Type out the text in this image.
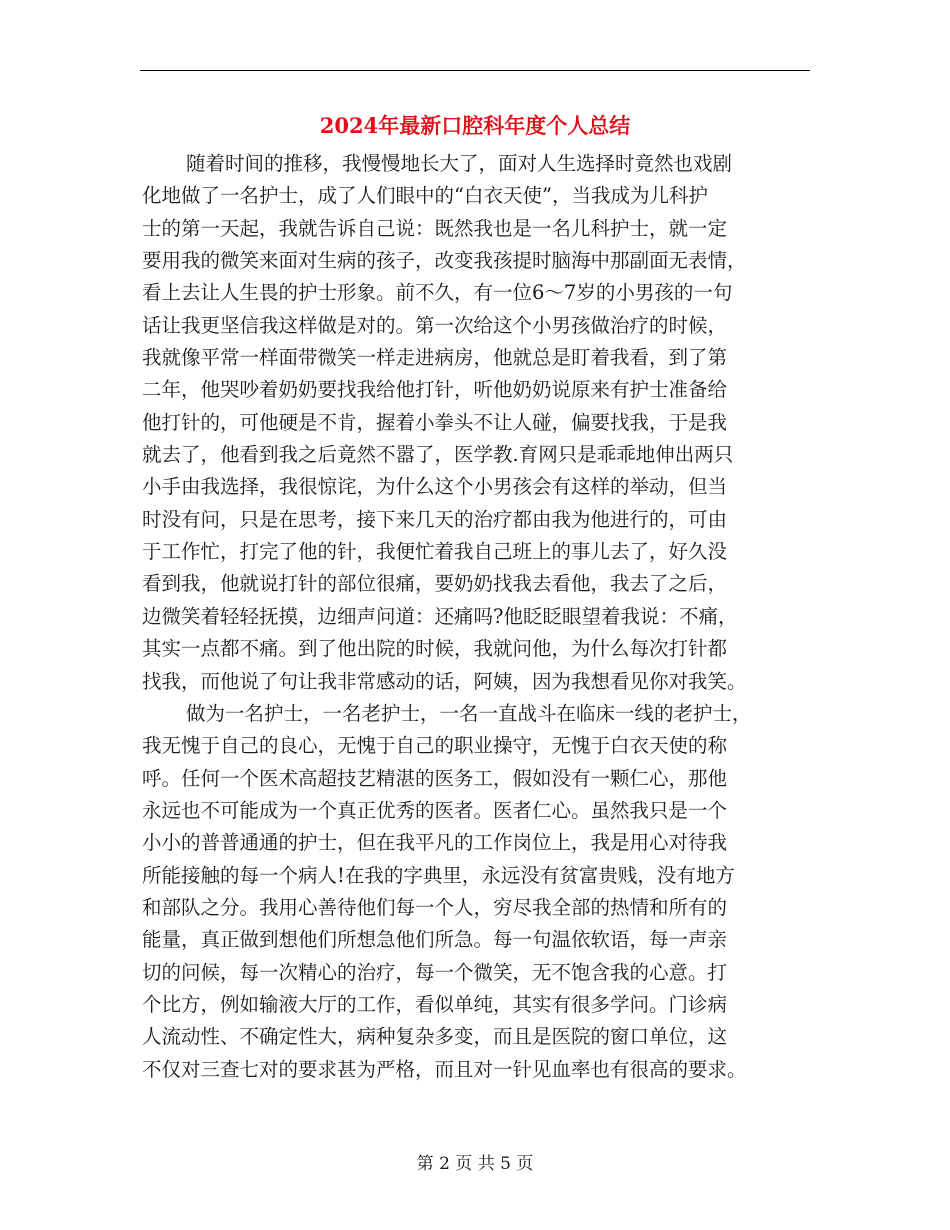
2024年最新口腔科年度个人总结
随着时间的推移，我慢慢地长大了，面对人生选择时竟然也戏剧
化地做了一名护士，成了人们眼中的“白衣天使”，当我成为儿科护
士的第一天起，我就告诉自己说：既然我也是一名儿科护士，就一定
要用我的微笑来面对生病的孩子，改变我孩提时脑海中那副面无表情，
看上去让人生畏的护士形象。前不久，有一位6～7岁的小男孩的一句
话让我更坚信我这样做是对的。第一次给这个小男孩做治疗的时候，
我就像平常一样面带微笑一样走进病房，他就总是盯着我看，到了第
二年，他哭吵着奶奶要找我给他打针，听他奶奶说原来有护士准备给
他打针的，可他硬是不肯，握着小拳头不让人碰，偏要找我，于是我
就去了，他看到我之后竟然不嚣了，医学教.育网只是乖乖地伸出两只
小手由我选择，我很惊诧，为什么这个小男孩会有这样的举动，但当
时没有问，只是在思考，接下来几天的治疗都由我为他进行的，可由
于工作忙，打完了他的针，我便忙着我自己班上的事儿去了，好久没
看到我，他就说打针的部位很痛，要奶奶找我去看他，我去了之后，
边微笑着轻轻抚摸，边细声问道：还痛吗?他眨眨眼望着我说：不痛，
其实一点都不痛。到了他出院的时候，我就问他，为什么每次打针都
找我，而他说了句让我非常感动的话，阿姨，因为我想看见你对我笑。
做为一名护士，一名老护士，一名一直战斗在临床一线的老护士，
我无愧于自己的良心，无愧于自己的职业操守，无愧于白衣天使的称
呼。任何一个医术高超技艺精湛的医务工，假如没有一颗仁心，那他
永远也不可能成为一个真正优秀的医者。医者仁心。虽然我只是一个
小小的普普通通的护士，但在我平凡的工作岗位上，我是用心对待我
所能接触的每一个病人!在我的字典里，永远没有贫富贵贱，没有地方
和部队之分。我用心善待他们每一个人，穷尽我全部的热情和所有的
能量，真正做到想他们所想急他们所急。每一句温依软语，每一声亲
切的问候，每一次精心的治疗，每一个微笑，无不饱含我的心意。打
个比方，例如输液大厅的工作，看似单纯，其实有很多学问。门诊病
人流动性、不确定性大，病种复杂多变，而且是医院的窗口单位，这
不仅对三查七对的要求甚为严格，而且对一针见血率也有很高的要求。
第 2 页 共 5 页
